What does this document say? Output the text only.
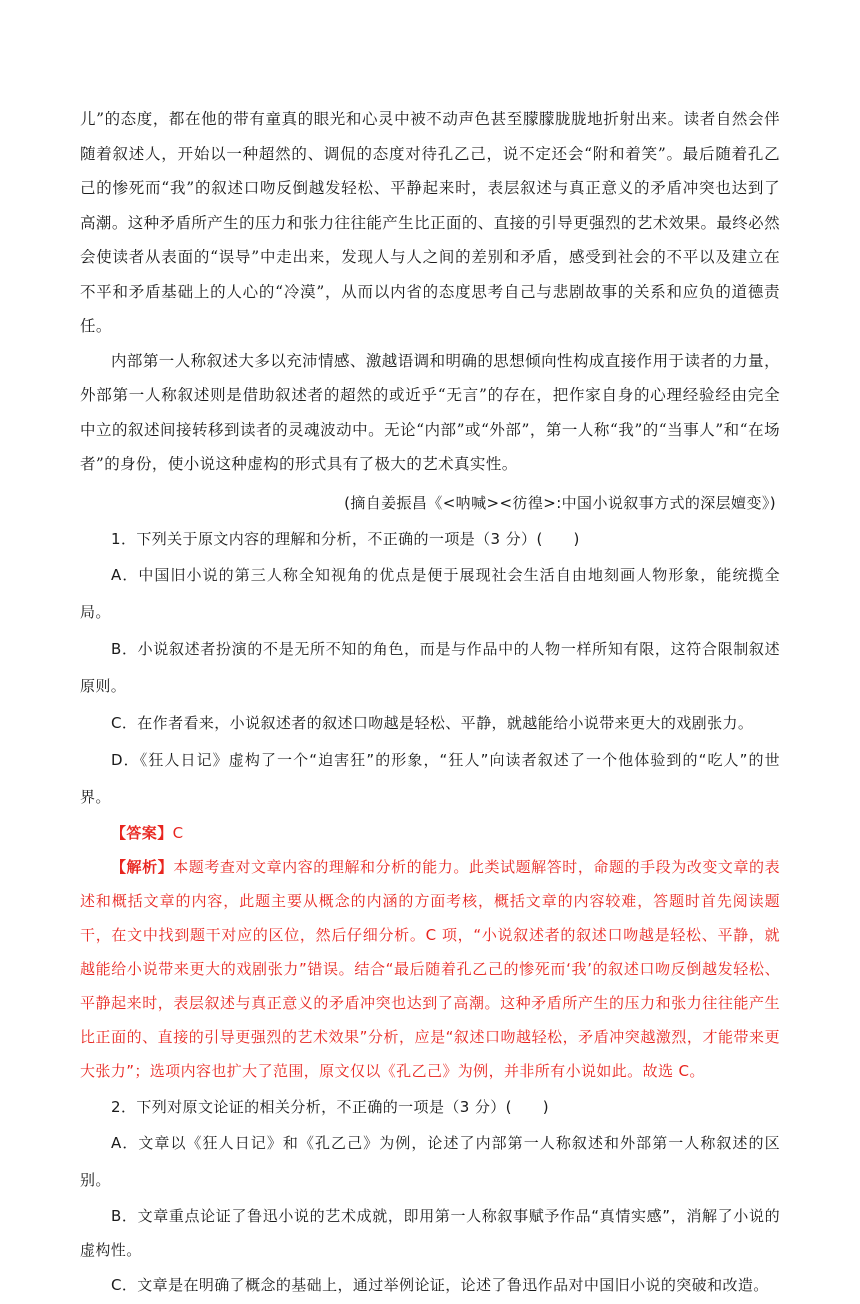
儿”的态度，都在他的带有童真的眼光和心灵中被不动声色甚至朦朦胧胧地折射出来。读者自然会伴随着叙述人，开始以一种超然的、调侃的态度对待孔乙己，说不定还会“附和着笑”。最后随着孔乙己的惨死而“我”的叙述口吻反倒越发轻松、平静起来时，表层叙述与真正意义的矛盾冲突也达到了高潮。这种矛盾所产生的压力和张力往往能产生比正面的、直接的引导更强烈的艺术效果。最终必然会使读者从表面的“误导”中走出来，发现人与人之间的差别和矛盾，感受到社会的不平以及建立在不平和矛盾基础上的人心的“冷漠”，从而以内省的态度思考自己与悲剧故事的关系和应负的道德责任。

内部第一人称叙述大多以充沛情感、激越语调和明确的思想倾向性构成直接作用于读者的力量，外部第一人称叙述则是借助叙述者的超然的或近乎“无言”的存在，把作家自身的心理经验经由完全中立的叙述间接转移到读者的灵魂波动中。无论“内部”或“外部”，第一人称“我”的“当事人”和“在场者”的身份，使小说这种虚构的形式具有了极大的艺术真实性。

(摘自姜振昌《<呐喊><彷徨>:中国小说叙事方式的深层嬗变》)

1．下列关于原文内容的理解和分析，不正确的一项是（3 分）(　　)

A．中国旧小说的第三人称全知视角的优点是便于展现社会生活自由地刻画人物形象，能统揽全局。

B．小说叙述者扮演的不是无所不知的角色，而是与作品中的人物一样所知有限，这符合限制叙述原则。

C．在作者看来，小说叙述者的叙述口吻越是轻松、平静，就越能给小说带来更大的戏剧张力。

D．《狂人日记》虚构了一个“迫害狂”的形象，“狂人”向读者叙述了一个他体验到的“吃人”的世界。

【答案】C

【解析】本题考查对文章内容的理解和分析的能力。此类试题解答时，命题的手段为改变文章的表述和概括文章的内容，此题主要从概念的内涵的方面考核，概括文章的内容较难，答题时首先阅读题干，在文中找到题干对应的区位，然后仔细分析。C 项，“小说叙述者的叙述口吻越是轻松、平静，就越能给小说带来更大的戏剧张力”错误。结合“最后随着孔乙己的惨死而‘我’的叙述口吻反倒越发轻松、平静起来时，表层叙述与真正意义的矛盾冲突也达到了高潮。这种矛盾所产生的压力和张力往往能产生比正面的、直接的引导更强烈的艺术效果”分析，应是“叙述口吻越轻松，矛盾冲突越激烈，才能带来更大张力”；选项内容也扩大了范围，原文仅以《孔乙己》为例，并非所有小说如此。故选 C。

2．下列对原文论证的相关分析，不正确的一项是（3 分）(　　)

A．文章以《狂人日记》和《孔乙己》为例，论述了内部第一人称叙述和外部第一人称叙述的区别。

B．文章重点论证了鲁迅小说的艺术成就，即用第一人称叙事赋予作品“真情实感”，消解了小说的虚构性。

C．文章是在明确了概念的基础上，通过举例论证，论述了鲁迅作品对中国旧小说的突破和改造。
